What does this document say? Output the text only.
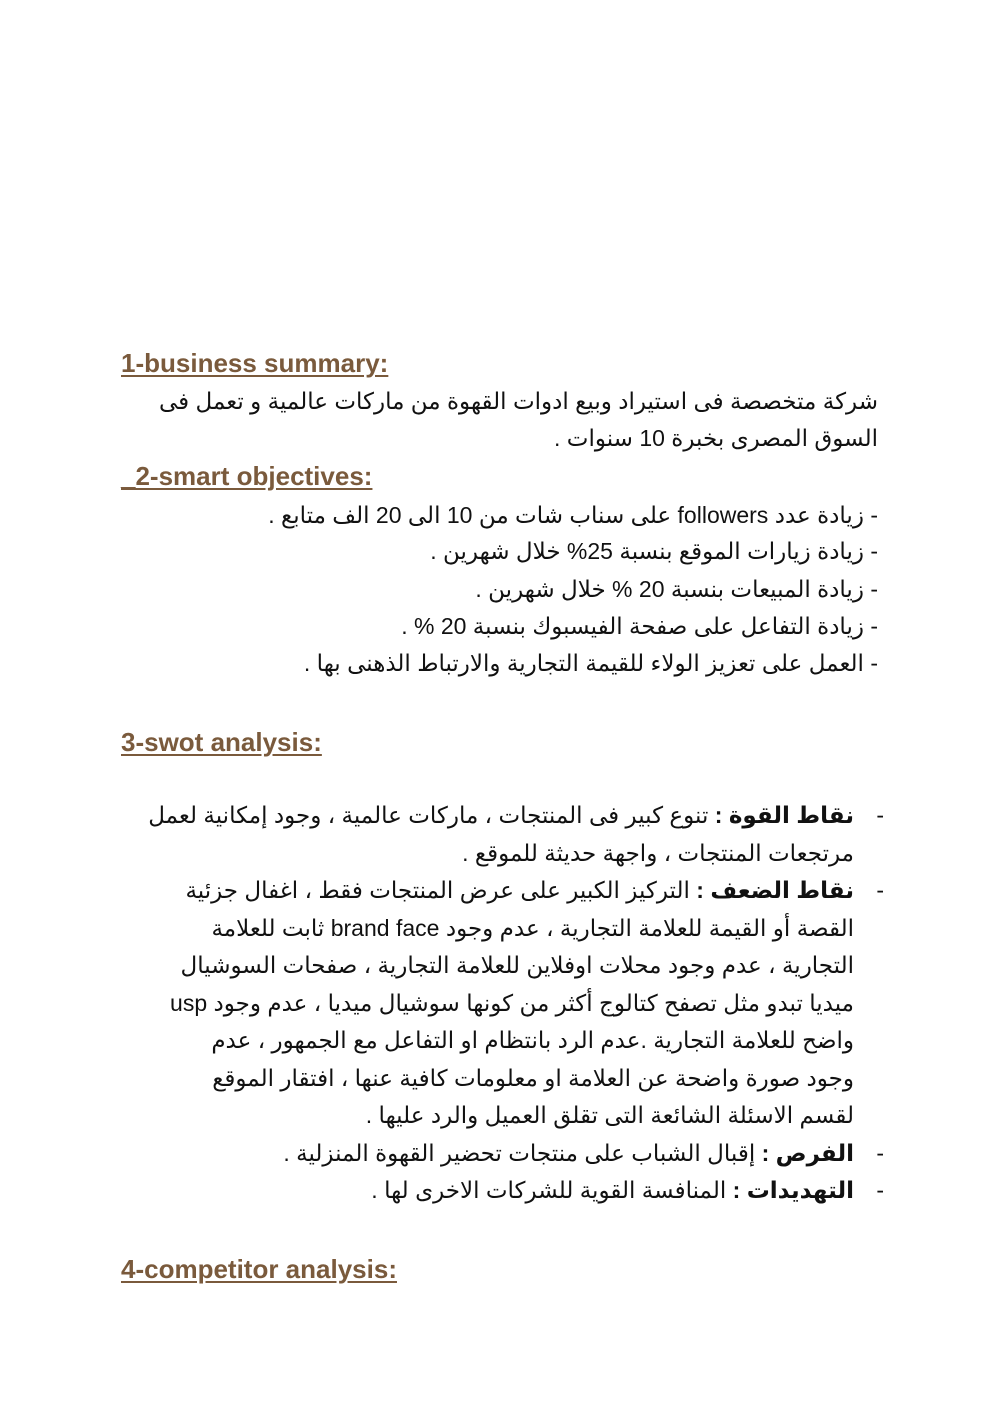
1-business summary:

شركة متخصصة فى استيراد وبيع ادوات القهوة من ماركات عالمية و تعمل فى

السوق المصرى بخبرة 10 سنوات .

_2-smart objectives:

- زيادة عدد followers على سناب شات من 10 الى 20 الف متابع .

- زيادة زيارات الموقع بنسبة 25% خلال شهرين .

- زيادة المبيعات بنسبة 20 % خلال شهرين .

- زيادة التفاعل على صفحة الفيسبوك بنسبة 20 % .

- العمل على تعزيز الولاء للقيمة التجارية والارتباط الذهنى بها .

3-swot analysis:
-
نقاط القوة : تنوع كبير فى المنتجات ، ماركات عالمية ، وجود إمكانية لعمل
مرتجعات المنتجات ، واجهة حديثة للموقع .
-
نقاط الضعف : التركيز الكبير على عرض المنتجات فقط ، اغفال جزئية
القصة أو القيمة للعلامة التجارية ، عدم وجود brand face ثابت للعلامة
التجارية ، عدم وجود محلات اوفلاين للعلامة التجارية ، صفحات السوشيال
ميديا تبدو مثل تصفح كتالوج أكثر من كونها سوشيال ميديا ، عدم وجود usp
واضح للعلامة التجارية .عدم الرد بانتظام او التفاعل مع الجمهور ، عدم
وجود صورة واضحة عن العلامة او معلومات كافية عنها ، افتقار الموقع
لقسم الاسئلة الشائعة التى تقلق العميل والرد عليها .
-
الفرص : إقبال الشباب على منتجات تحضير القهوة المنزلية .
-
التهديدات : المنافسة القوية للشركات الاخرى لها .
4-competitor analysis:
